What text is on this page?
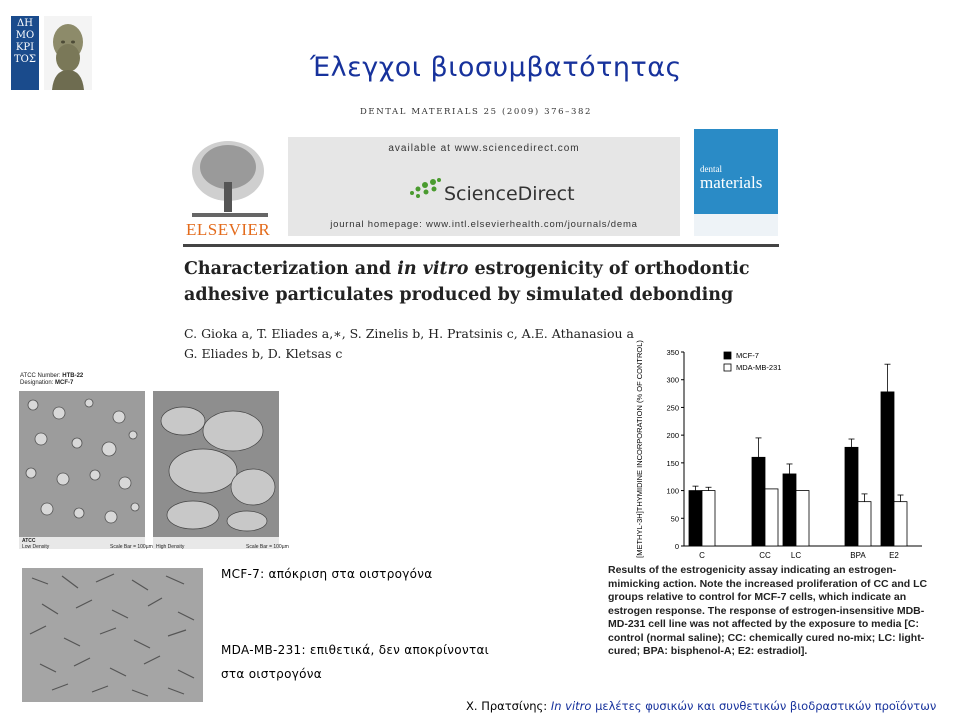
ΔΗ
ΜΟ
ΚΡΙ
ΤΟΣ	Έλεγχοι βιοσυμβατότητας
DENTAL MATERIALS 25 (2009) 376–382
ELSEVIER
available at www.sciencedirect.com
ScienceDirect
journal homepage: www.intl.elsevierhealth.com/journals/dema
dental
materials
Characterization and in vitro estrogenicity of orthodontic adhesive particulates produced by simulated debonding
C. Gioka a, T. Eliades a,∗, S. Zinelis b, H. Pratsinis c, A.E. Athanasiou a
G. Eliades b, D. Kletsas c
ATCC Number: HTB-22
Designation: MCF-7
Low Density
ATCC
Scale Bar = 100µm High Density	Scale Bar = 100µm
MCF-7: απόκριση στα οιστρογόνα
MDA-MB-231: επιθετικά, δεν αποκρίνονται
στα οιστρογόνα
0
50
100
150
200
250
300
350
[METHYL-3H]THYMIDINE INCORPORATION (% OF CONTROL)	C	CC	LC	BPA	E2
MCF-7
MDA-MB-231
Results of the estrogenicity assay indicating an estrogen-mimicking action. Note the increased proliferation of CC and LC groups relative to control for MCF-7 cells, which indicate an estrogen response. The response of estrogen-insensitive MDB-MD-231 cell line was not affected by the exposure to media [C: control (normal saline); CC: chemically cured no-mix; LC: light-cured; BPA: bisphenol-A; E2: estradiol].
Χ. Πρατσίνης: In vitro μελέτες φυσικών και συνθετικών βιοδραστικών προϊόντων
